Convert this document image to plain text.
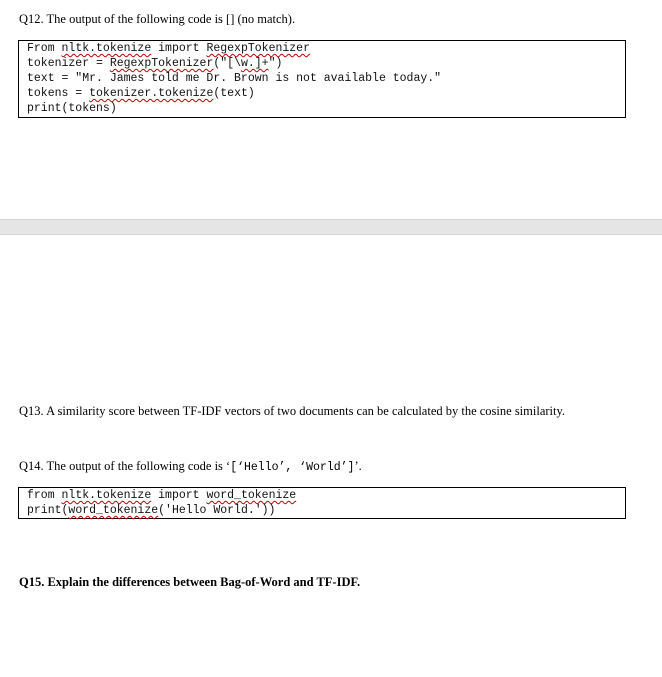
Q12. The output of the following code is [] (no match).
From nltk.tokenize import RegexpTokenizer
tokenizer = RegexpTokenizer("[\w.]+")
text = "Mr. James told me Dr. Brown is not available today."
tokens = tokenizer.tokenize(text)
print(tokens)
Q13. A similarity score between TF-IDF vectors of two documents can be calculated by the cosine similarity.
Q14. The output of the following code is ‘[‘Hello’, ‘World’]’.
from nltk.tokenize import word_tokenize
print(word_tokenize('Hello World.'))
Q15. Explain the differences between Bag-of-Word and TF-IDF.
